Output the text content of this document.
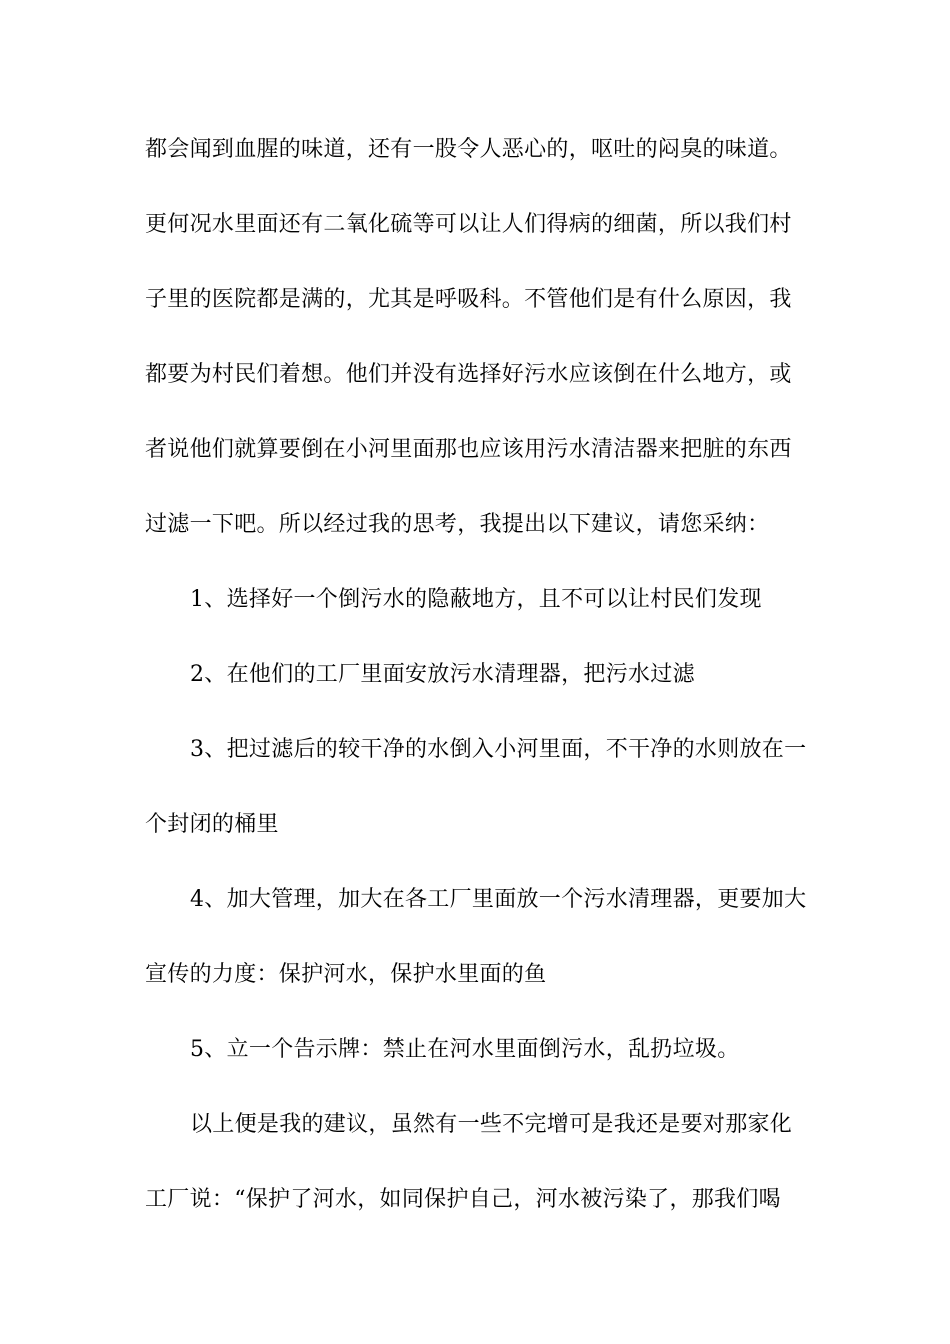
都会闻到血腥的味道，还有一股令人恶心的，呕吐的闷臭的味道。
更何况水里面还有二氧化硫等可以让人们得病的细菌，所以我们村
子里的医院都是满的，尤其是呼吸科。不管他们是有什么原因，我
都要为村民们着想。他们并没有选择好污水应该倒在什么地方，或
者说他们就算要倒在小河里面那也应该用污水清洁器来把脏的东西
过滤一下吧。所以经过我的思考，我提出以下建议，请您采纳：
1、选择好一个倒污水的隐蔽地方，且不可以让村民们发现
2、在他们的工厂里面安放污水清理器，把污水过滤
3、把过滤后的较干净的水倒入小河里面，不干净的水则放在一
个封闭的桶里
4、加大管理，加大在各工厂里面放一个污水清理器，更要加大
宣传的力度：保护河水，保护水里面的鱼
5、立一个告示牌：禁止在河水里面倒污水，乱扔垃圾。
以上便是我的建议，虽然有一些不完增可是我还是要对那家化
工厂说：“保护了河水，如同保护自己，河水被污染了，那我们喝
